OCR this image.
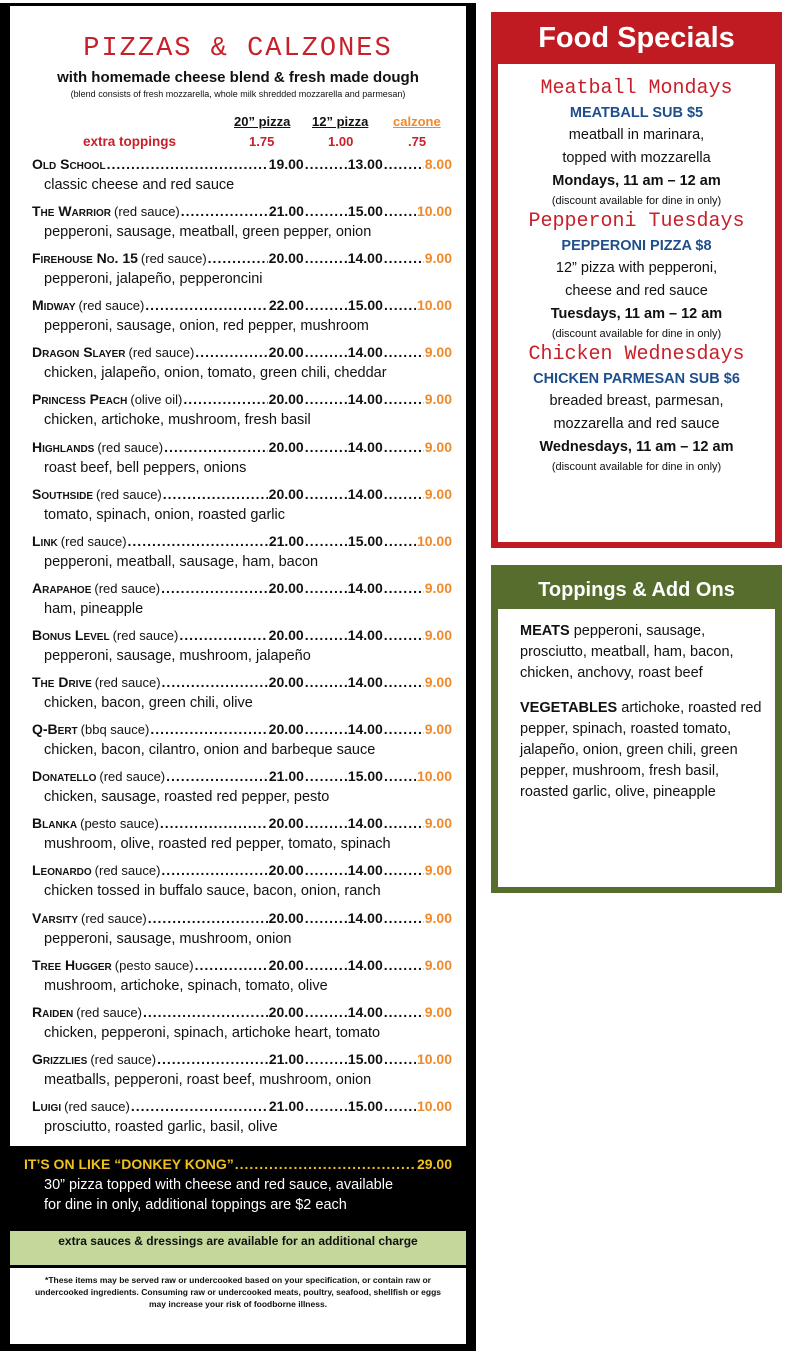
PIZZAS & CALZONES
with homemade cheese blend & fresh made dough
(blend consists of fresh mozzarella, whole milk shredded mozzarella and parmesan)
20” pizza 12” pizza calzone
extra toppings	1.75	1.00	.75
Old School .....	19.00 .....	13.00 .....	8.00
classic cheese and red sauce
The Warrior (red sauce) .....	21.00 .....	15.00 ..... 10.00
pepperoni, sausage, meatball, green pepper, onion
Firehouse No. 15 (red sauce) .....	20.00 .....	14.00 .....	9.00
pepperoni, jalapeño, pepperoncini
Midway (red sauce) .....	22.00 .....	15.00 ..... 10.00
pepperoni, sausage, onion, red pepper, mushroom
Dragon Slayer (red sauce) .....	20.00 .....	14.00 .....	9.00
chicken, jalapeño, onion, tomato, green chili, cheddar
Princess Peach (olive oil) .....	20.00 .....	14.00 .....	9.00
chicken, artichoke, mushroom, fresh basil
Highlands (red sauce) .....	20.00 .....	14.00 .....	9.00
roast beef, bell peppers, onions
Southside (red sauce) .....	20.00 .....	14.00 .....	9.00
tomato, spinach, onion, roasted garlic
Link (red sauce) .....	21.00 .....	15.00 ..... 10.00
pepperoni, meatball, sausage, ham, bacon
Arapahoe (red sauce) .....	20.00 .....	14.00 .....	9.00
ham, pineapple
Bonus Level (red sauce) .....	20.00 .....	14.00 .....	9.00
pepperoni, sausage, mushroom, jalapeño
The Drive (red sauce) .....	20.00 .....	14.00 .....	9.00
chicken, bacon, green chili, olive
Q-Bert (bbq sauce) .....	20.00 .....	14.00 .....	9.00
chicken, bacon, cilantro, onion and barbeque sauce
Donatello (red sauce) .....	21.00 .....	15.00 ..... 10.00
chicken, sausage, roasted red pepper, pesto
Blanka (pesto sauce) .....	20.00 .....	14.00 .....	9.00
mushroom, olive, roasted red pepper, tomato, spinach
Leonardo (red sauce) .....	20.00 .....	14.00 .....	9.00
chicken tossed in buffalo sauce, bacon, onion, ranch
Varsity (red sauce) .....	20.00 .....	14.00 .....	9.00
pepperoni, sausage, mushroom, onion
Tree Hugger (pesto sauce) .....	20.00 .....	14.00 .....	9.00
mushroom, artichoke, spinach, tomato, olive
Raiden (red sauce) .....	20.00 .....	14.00 .....	9.00
chicken, pepperoni, spinach, artichoke heart, tomato
Grizzlies (red sauce) .....	21.00 .....	15.00 ..... 10.00
meatballs, pepperoni, roast beef, mushroom, onion
Luigi (red sauce) .....	21.00 .....	15.00 ..... 10.00
prosciutto, roasted garlic, basil, olive
IT’S ON LIKE “DONKEY KONG” .....	29.00
30” pizza topped with cheese and red sauce, available
for dine in only, additional toppings are $2 each
extra sauces & dressings are available for an additional charge
*These items may be served raw or undercooked based on your specification, or contain raw or undercooked ingredients. Consuming raw or undercooked meats, poultry, seafood, shellfish or eggs may increase your risk of foodborne illness.
Food Specials
Meatball Mondays
MEATBALL SUB $5
meatball in marinara,
topped with mozzarella
Mondays, 11 am – 12 am
(discount available for dine in only)
Pepperoni Tuesdays
PEPPERONI PIZZA $8
12” pizza with pepperoni,
cheese and red sauce
Tuesdays, 11 am – 12 am
(discount available for dine in only)
Chicken Wednesdays
CHICKEN PARMESAN SUB $6
breaded breast, parmesan,
mozzarella and red sauce
Wednesdays, 11 am – 12 am
(discount available for dine in only)
Toppings & Add Ons
MEATS pepperoni, sausage, prosciutto, meatball, ham, bacon, chicken, anchovy, roast beef
VEGETABLES artichoke, roasted red pepper, spinach, roasted tomato, jalapeño, onion, green chili, green pepper, mushroom, fresh basil, roasted garlic, olive, pineapple
